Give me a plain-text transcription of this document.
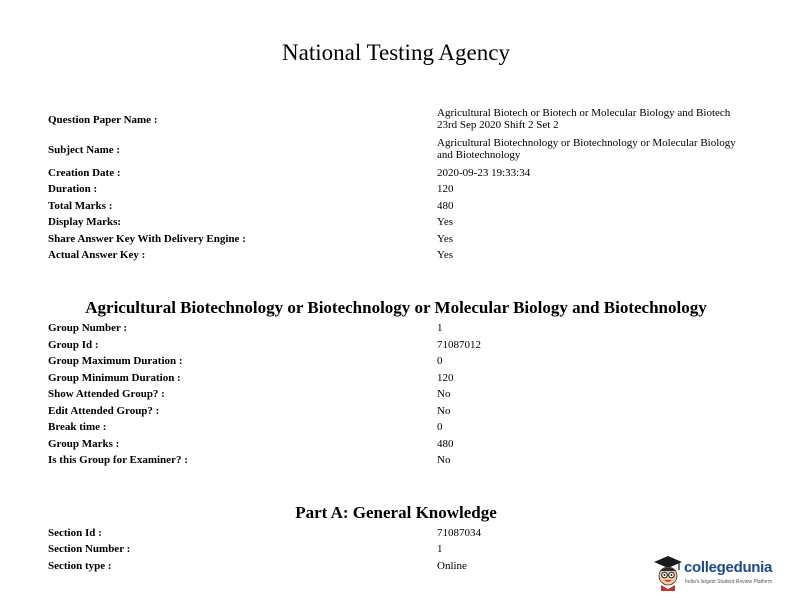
National Testing Agency
Question Paper Name :
Agricultural Biotech or Biotech or Molecular Biology and Biotech 23rd Sep 2020 Shift 2 Set 2
Subject Name :
Agricultural Biotechnology or Biotechnology or Molecular Biology and Biotechnology
Creation Date :	2020-09-23 19:33:34
Duration :	120
Total Marks :	480
Display Marks:	Yes
Share Answer Key With Delivery Engine :	Yes
Actual Answer Key :	Yes
Agricultural Biotechnology or Biotechnology or Molecular Biology and Biotechnology
Group Number :	1
Group Id :	71087012
Group Maximum Duration :	0
Group Minimum Duration :	120
Show Attended Group? :	No
Edit Attended Group? :	No
Break time :	0
Group Marks :	480
Is this Group for Examiner? :	No
Part A: General Knowledge
Section Id :	71087034
Section Number :	1
Section type :	Online	collegedunia
India's largest Student Review Platform
